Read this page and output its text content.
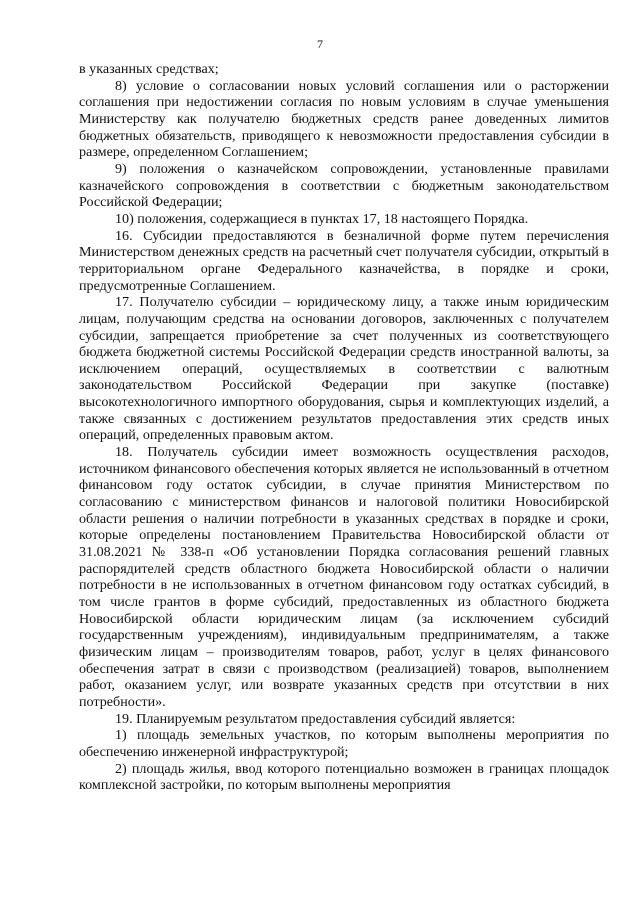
7

в указанных средствах;

8) условие о согласовании новых условий соглашения или о расторжении соглашения при недостижении согласия по новым условиям в случае уменьшения Министерству как получателю бюджетных средств ранее доведенных лимитов бюджетных обязательств, приводящего к невозможности предоставления субсидии в размере, определенном Соглашением;

9) положения о казначейском сопровождении, установленные правилами казначейского сопровождения в соответствии с бюджетным законодательством Российской Федерации;

10) положения, содержащиеся в пунктах 17, 18 настоящего Порядка.

16. Субсидии предоставляются в безналичной форме путем перечисления Министерством денежных средств на расчетный счет получателя субсидии, открытый в территориальном органе Федерального казначейства, в порядке и сроки, предусмотренные Соглашением.

17. Получателю субсидии – юридическому лицу, а также иным юридическим лицам, получающим средства на основании договоров, заключенных с получателем субсидии, запрещается приобретение за счет полученных из соответствующего бюджета бюджетной системы Российской Федерации средств иностранной валюты, за исключением операций, осуществляемых в соответствии с валютным законодательством Российской Федерации при закупке (поставке) высокотехнологичного импортного оборудования, сырья и комплектующих изделий, а также связанных с достижением результатов предоставления этих средств иных операций, определенных правовым актом.

18. Получатель субсидии имеет возможность осуществления расходов, источником финансового обеспечения которых является не использованный в отчетном финансовом году остаток субсидии, в случае принятия Министерством по согласованию с министерством финансов и налоговой политики Новосибирской области решения о наличии потребности в указанных средствах в порядке и сроки, которые определены постановлением Правительства Новосибирской области от 31.08.2021 № 338-п «Об установлении Порядка согласования решений главных распорядителей средств областного бюджета Новосибирской области о наличии потребности в не использованных в отчетном финансовом году остатках субсидий, в том числе грантов в форме субсидий, предоставленных из областного бюджета Новосибирской области юридическим лицам (за исключением субсидий государственным учреждениям), индивидуальным предпринимателям, а также физическим лицам – производителям товаров, работ, услуг в целях финансового обеспечения затрат в связи с производством (реализацией) товаров, выполнением работ, оказанием услуг, или возврате указанных средств при отсутствии в них потребности».

19. Планируемым результатом предоставления субсидий является:

1) площадь земельных участков, по которым выполнены мероприятия по обеспечению инженерной инфраструктурой;

2) площадь жилья, ввод которого потенциально возможен в границах площадок комплексной застройки, по которым выполнены мероприятия
